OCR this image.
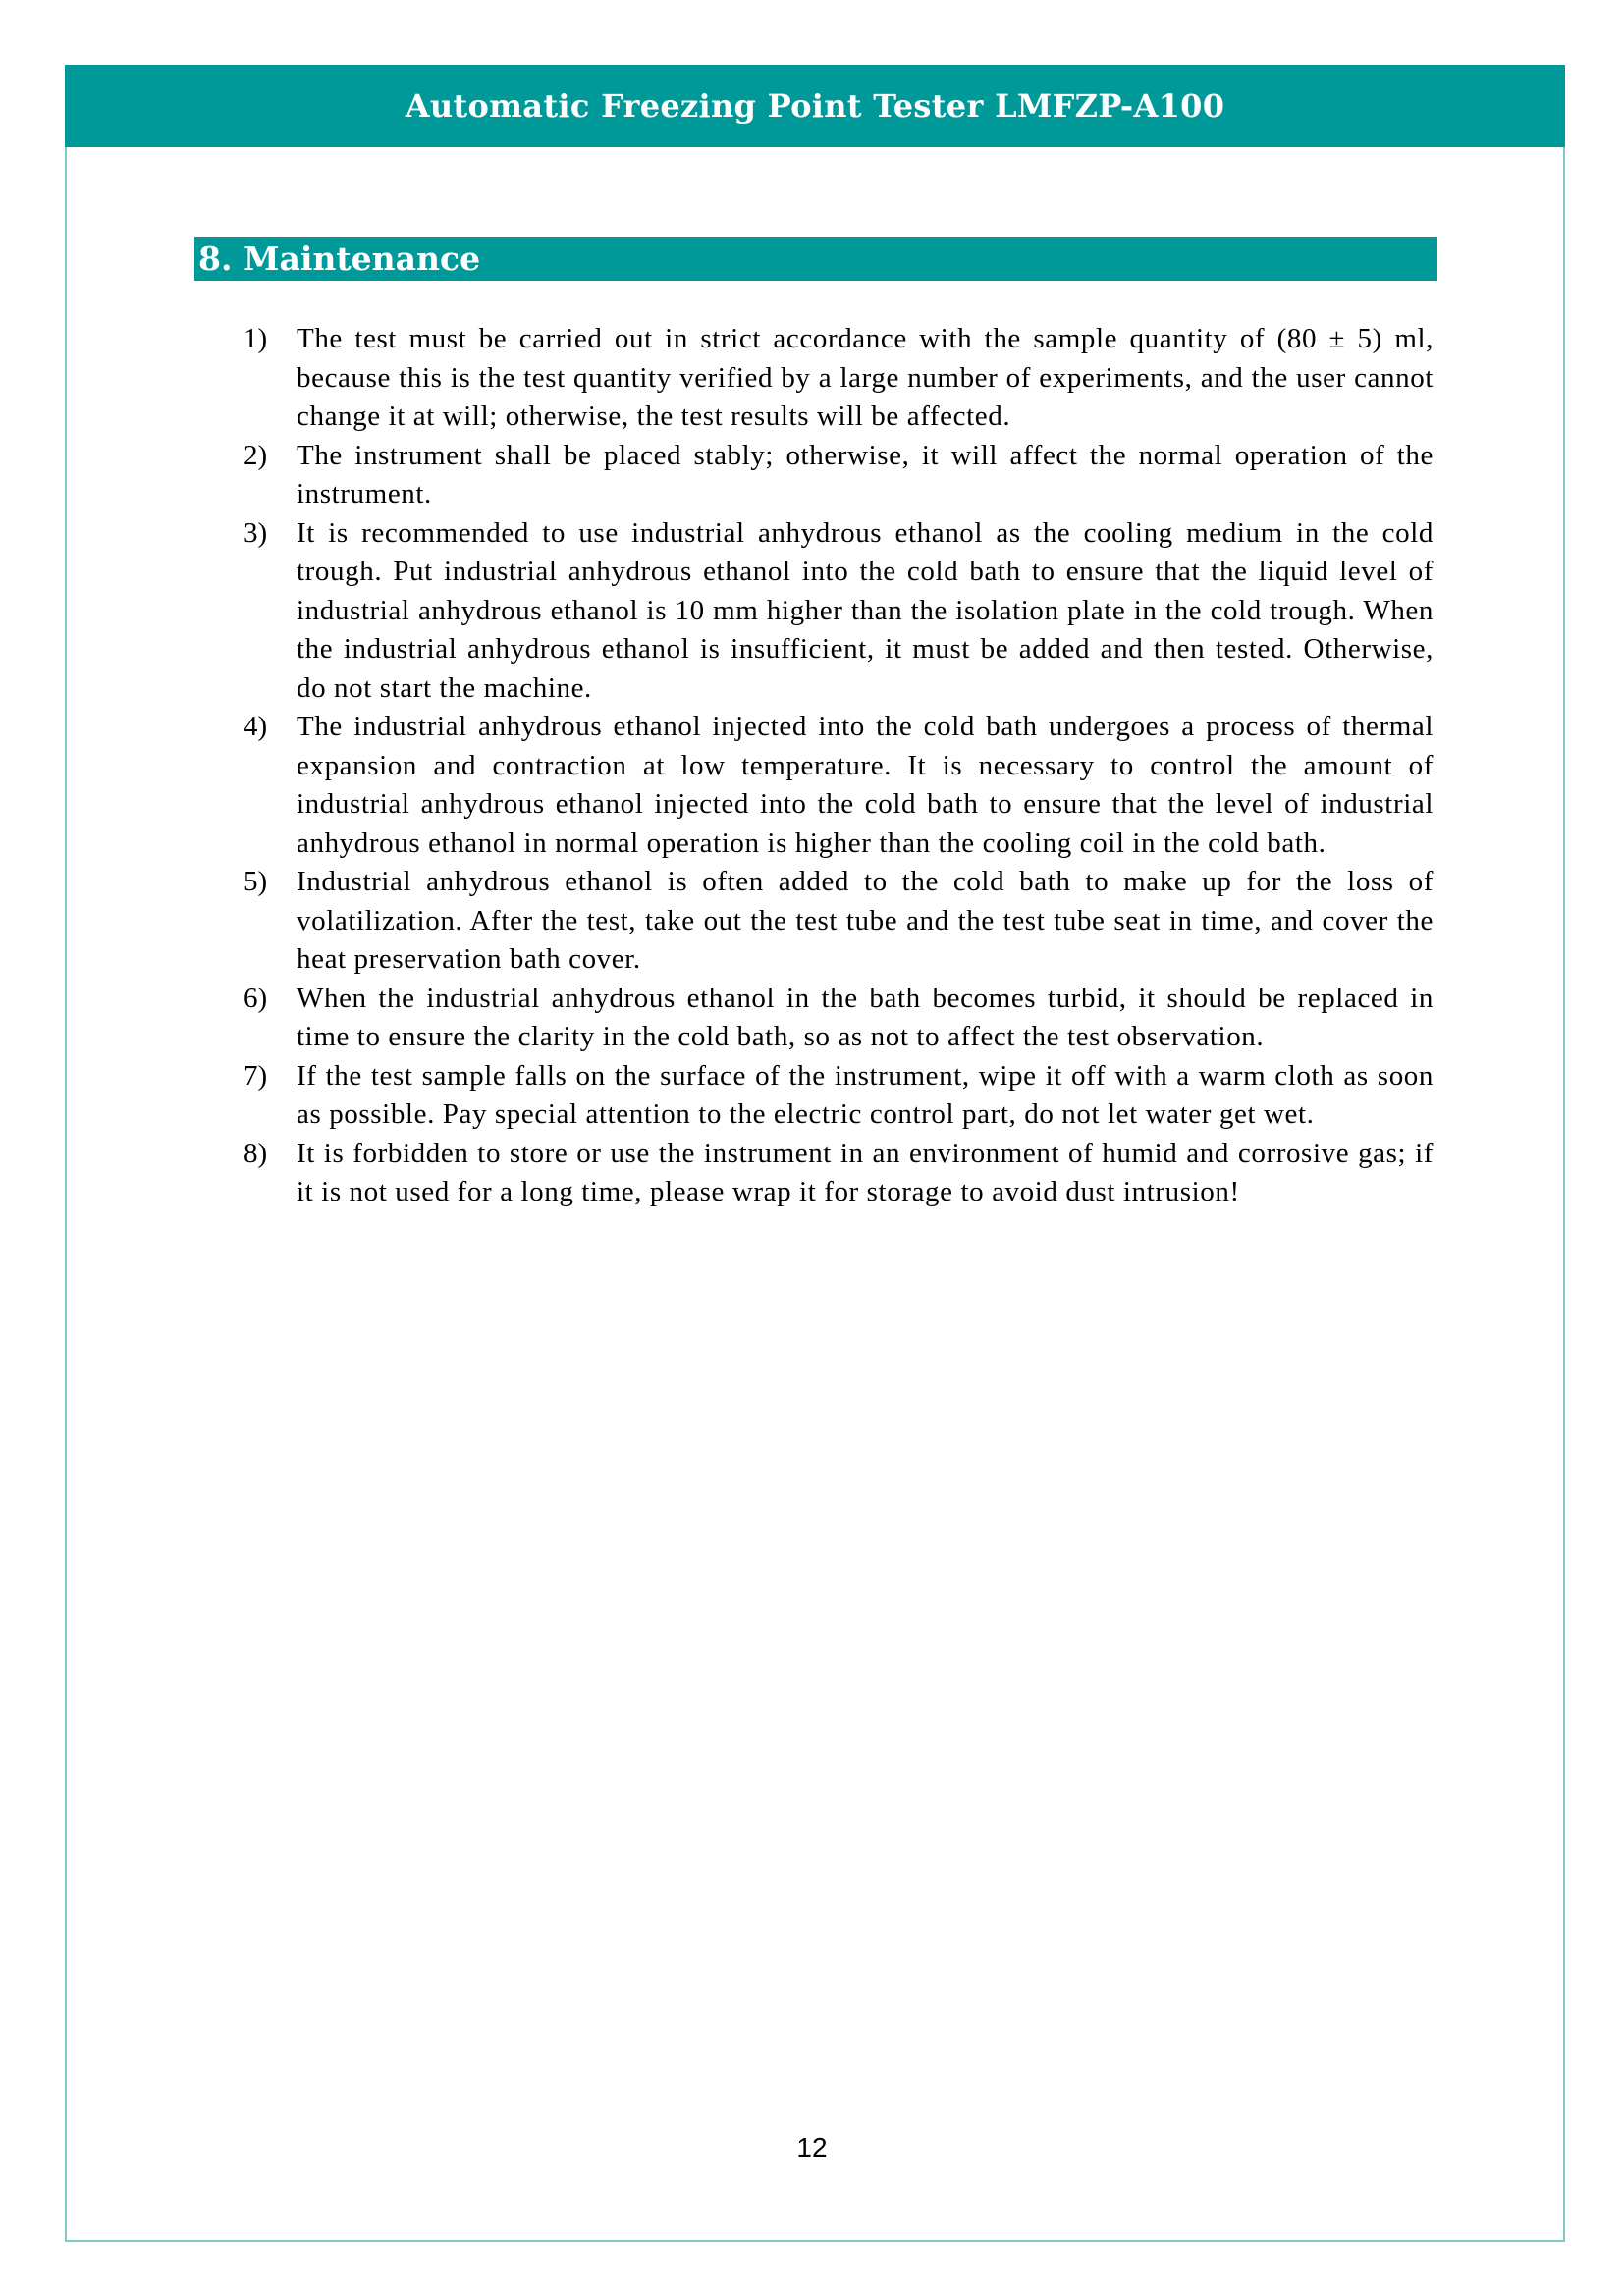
Automatic Freezing Point Tester LMFZP-A100
8. Maintenance
1)	The test must be carried out in strict accordance with the sample quantity of (80 ± 5) ml, because this is the test quantity verified by a large number of experiments, and the user cannot change it at will; otherwise, the test results will be affected.
2)	The instrument shall be placed stably; otherwise, it will affect the normal operation of the instrument.
3)	It is recommended to use industrial anhydrous ethanol as the cooling medium in the cold trough. Put industrial anhydrous ethanol into the cold bath to ensure that the liquid level of industrial anhydrous ethanol is 10 mm higher than the isolation plate in the cold trough. When the industrial anhydrous ethanol is insufficient, it must be added and then tested. Otherwise, do not start the machine.
4)	The industrial anhydrous ethanol injected into the cold bath undergoes a process of thermal expansion and contraction at low temperature. It is necessary to control the amount of industrial anhydrous ethanol injected into the cold bath to ensure that the level of industrial anhydrous ethanol in normal operation is higher than the cooling coil in the cold bath.
5)	Industrial anhydrous ethanol is often added to the cold bath to make up for the loss of volatilization. After the test, take out the test tube and the test tube seat in time, and cover the heat preservation bath cover.
6)	When the industrial anhydrous ethanol in the bath becomes turbid, it should be replaced in time to ensure the clarity in the cold bath, so as not to affect the test observation.
7)	If the test sample falls on the surface of the instrument, wipe it off with a warm cloth as soon as possible. Pay special attention to the electric control part, do not let water get wet.
8)	It is forbidden to store or use the instrument in an environment of humid and corrosive gas; if it is not used for a long time, please wrap it for storage to avoid dust intrusion!
12
